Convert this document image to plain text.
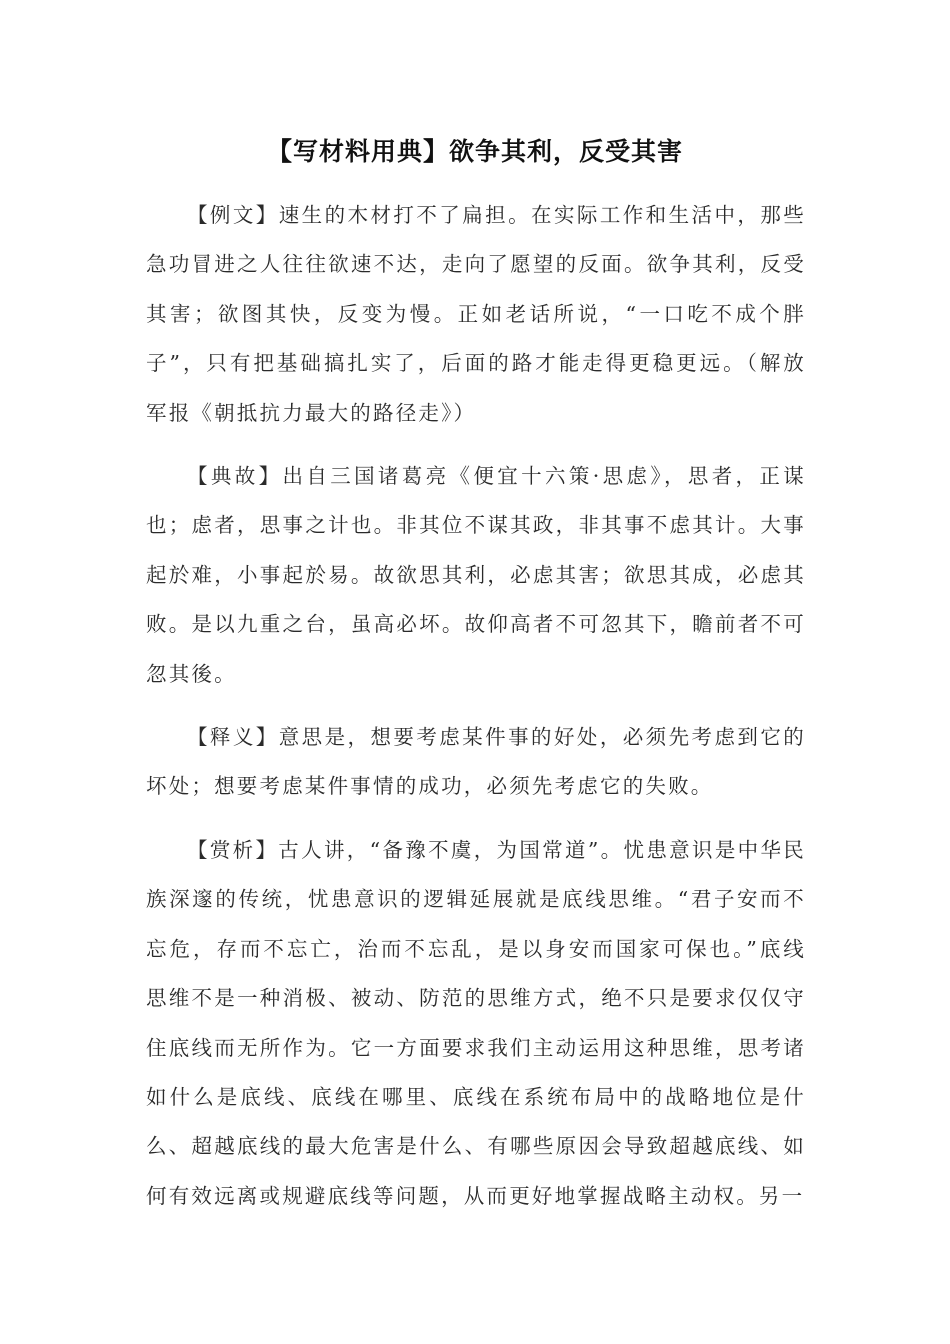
【写材料用典】欲争其利，反受其害

【例文】速生的木材打不了扁担。在实际工作和生活中，那些急功冒进之人往往欲速不达，走向了愿望的反面。欲争其利，反受其害；欲图其快，反变为慢。正如老话所说，“一口吃不成个胖子”，只有把基础搞扎实了，后面的路才能走得更稳更远。（解放军报《朝抵抗力最大的路径走》）

【典故】出自三国诸葛亮《便宜十六策·思虑》，思者，正谋也；虑者，思事之计也。非其位不谋其政，非其事不虑其计。大事起於难，小事起於易。故欲思其利，必虑其害；欲思其成，必虑其败。是以九重之台，虽高必坏。故仰高者不可忽其下，瞻前者不可忽其後。

【释义】意思是，想要考虑某件事的好处，必须先考虑到它的坏处；想要考虑某件事情的成功，必须先考虑它的失败。

【赏析】古人讲，“备豫不虞，为国常道”。忧患意识是中华民族深邃的传统，忧患意识的逻辑延展就是底线思维。“君子安而不忘危，存而不忘亡，治而不忘乱，是以身安而国家可保也。”底线思维不是一种消极、被动、防范的思维方式，绝不只是要求仅仅守住底线而无所作为。它一方面要求我们主动运用这种思维，思考诸如什么是底线、底线在哪里、底线在系统布局中的战略地位是什么、超越底线的最大危害是什么、有哪些原因会导致超越底线、如何有效远离或规避底线等问题，从而更好地掌握战略主动权。另一
